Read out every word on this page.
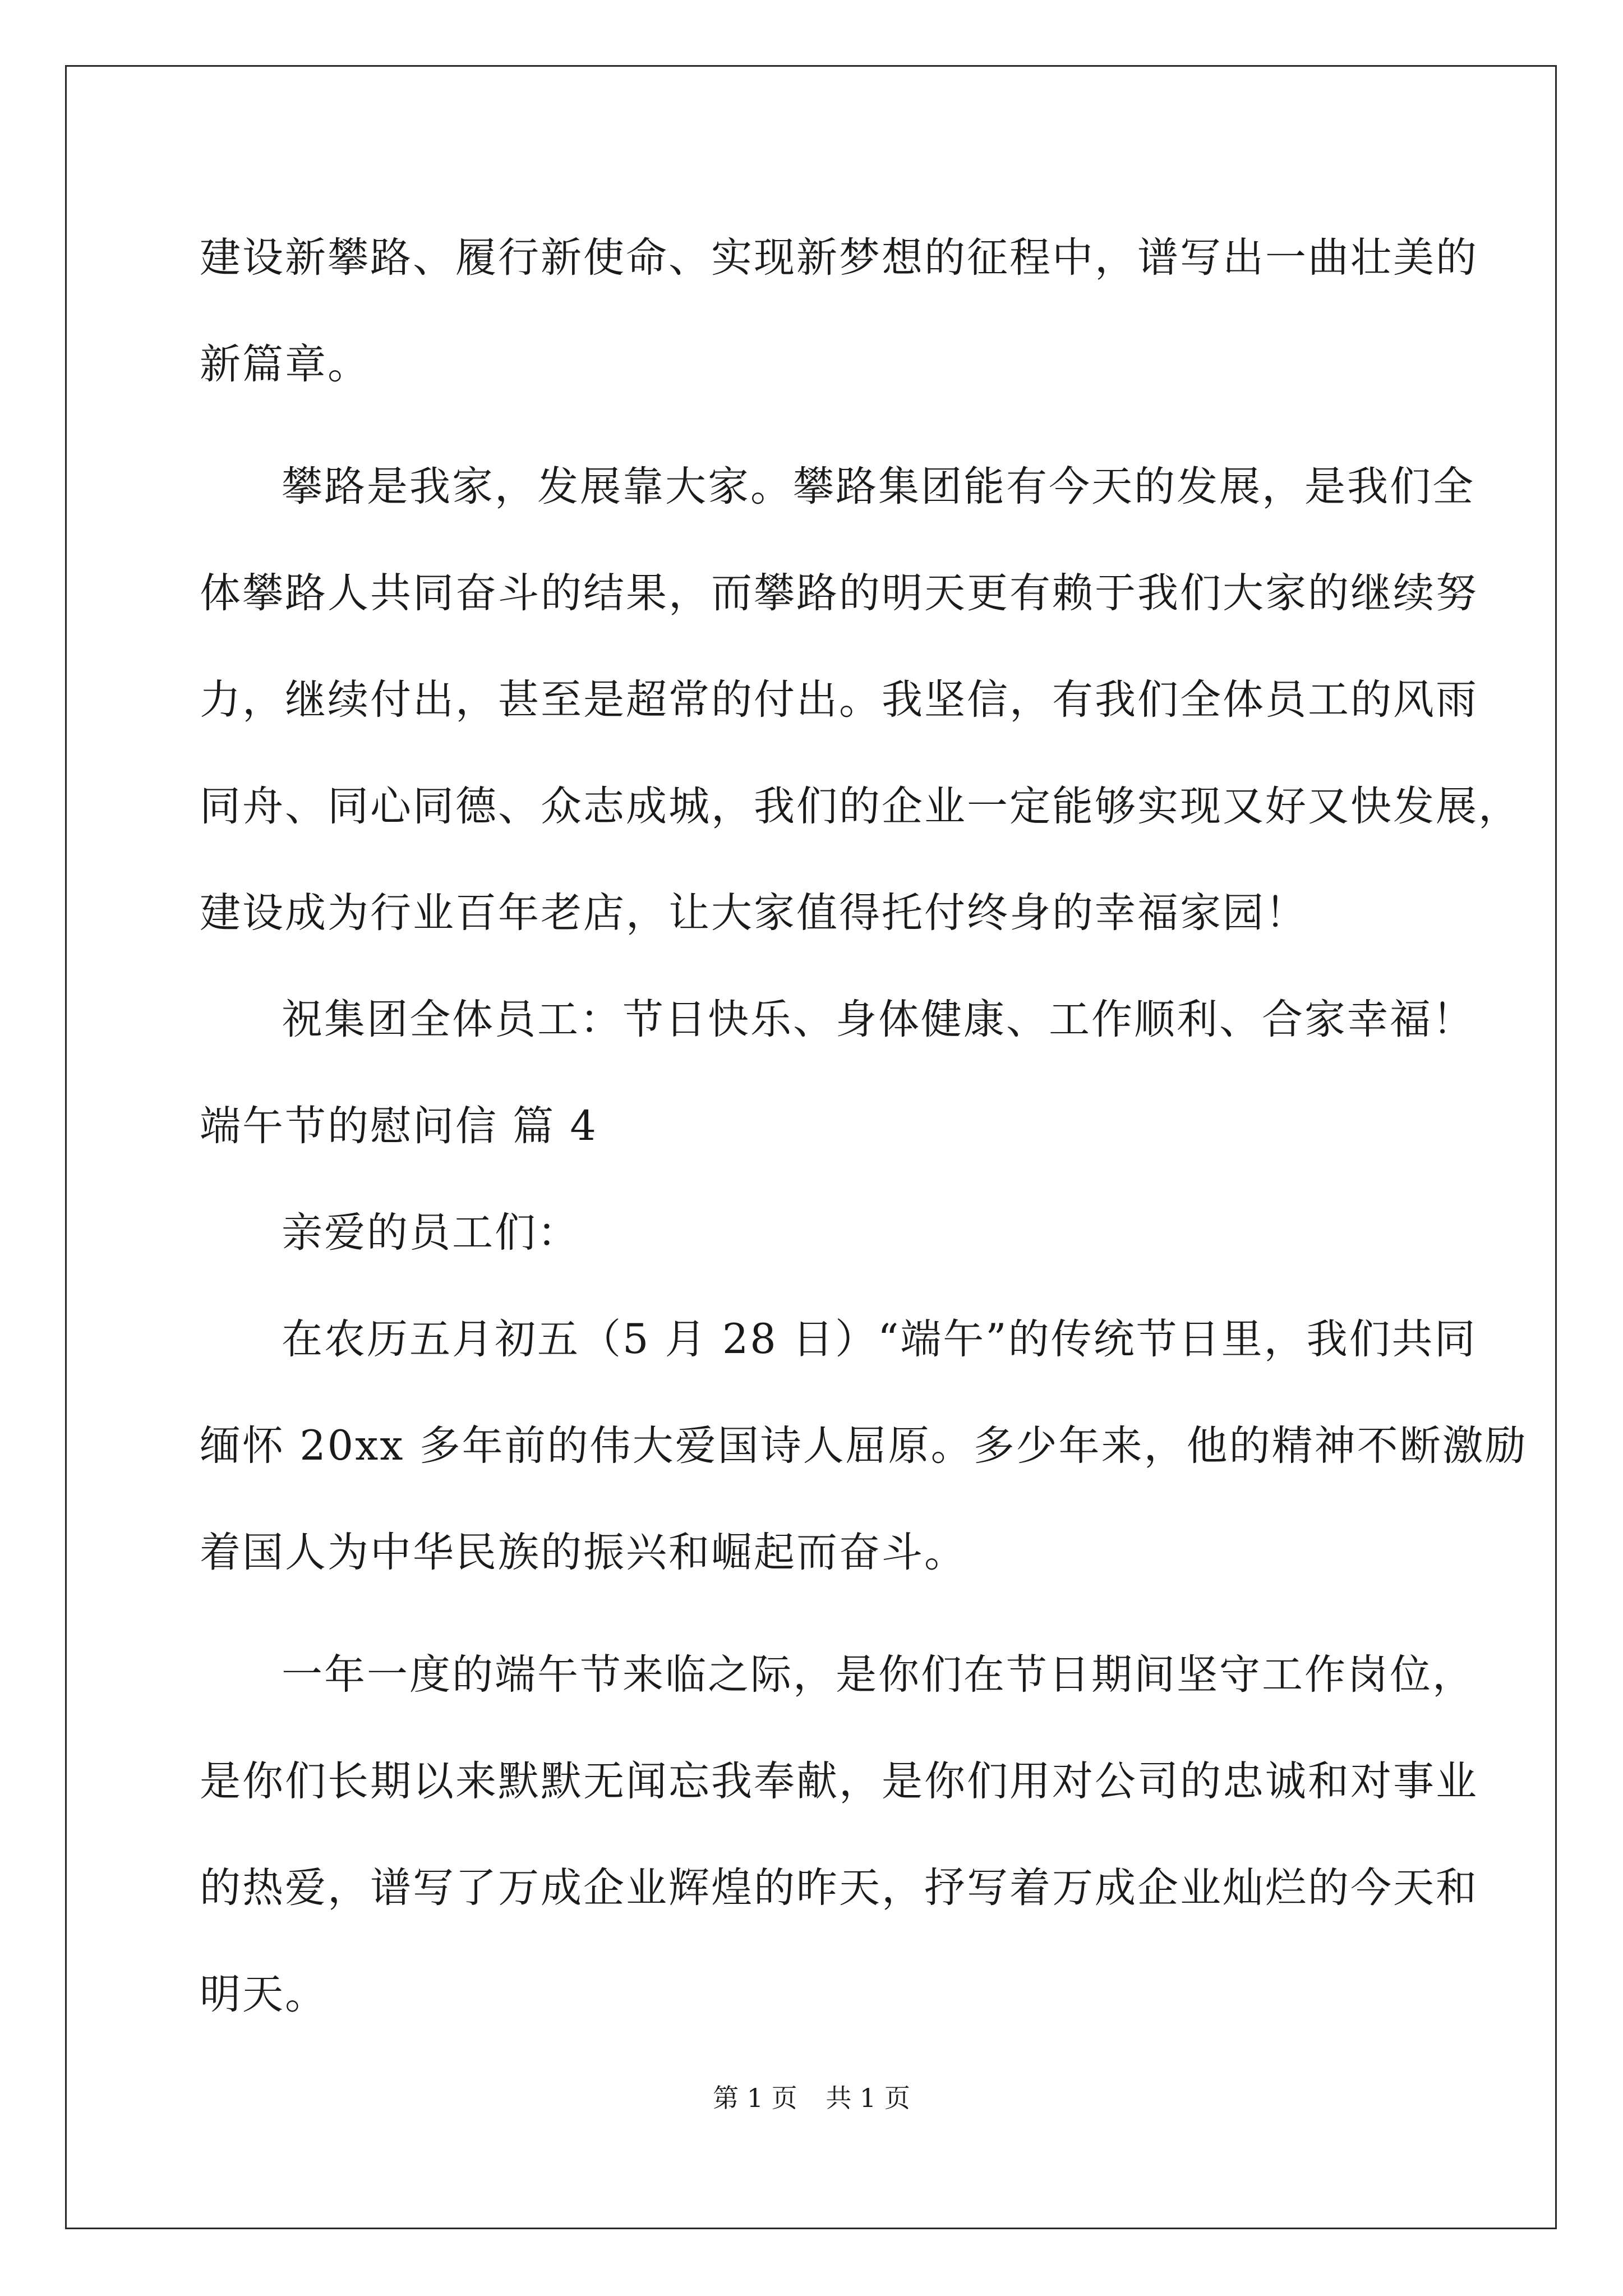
建设新攀路、履行新使命、实现新梦想的征程中，谱写出一曲壮美的
新篇章。
攀路是我家，发展靠大家。攀路集团能有今天的发展，是我们全
体攀路人共同奋斗的结果，而攀路的明天更有赖于我们大家的继续努
力，继续付出，甚至是超常的付出。我坚信，有我们全体员工的风雨
同舟、同心同德、众志成城，我们的企业一定能够实现又好又快发展，
建设成为行业百年老店，让大家值得托付终身的幸福家园！
祝集团全体员工：节日快乐、身体健康、工作顺利、合家幸福！
端午节的慰问信 篇 4
亲爱的员工们：
在农历五月初五（5 月 28 日）“端午”的传统节日里，我们共同
缅怀 20xx 多年前的伟大爱国诗人屈原。多少年来，他的精神不断激励
着国人为中华民族的振兴和崛起而奋斗。
一年一度的端午节来临之际，是你们在节日期间坚守工作岗位，
是你们长期以来默默无闻忘我奉献，是你们用对公司的忠诚和对事业
的热爱，谱写了万成企业辉煌的昨天，抒写着万成企业灿烂的今天和
明天。
第 1 页 共 1 页
